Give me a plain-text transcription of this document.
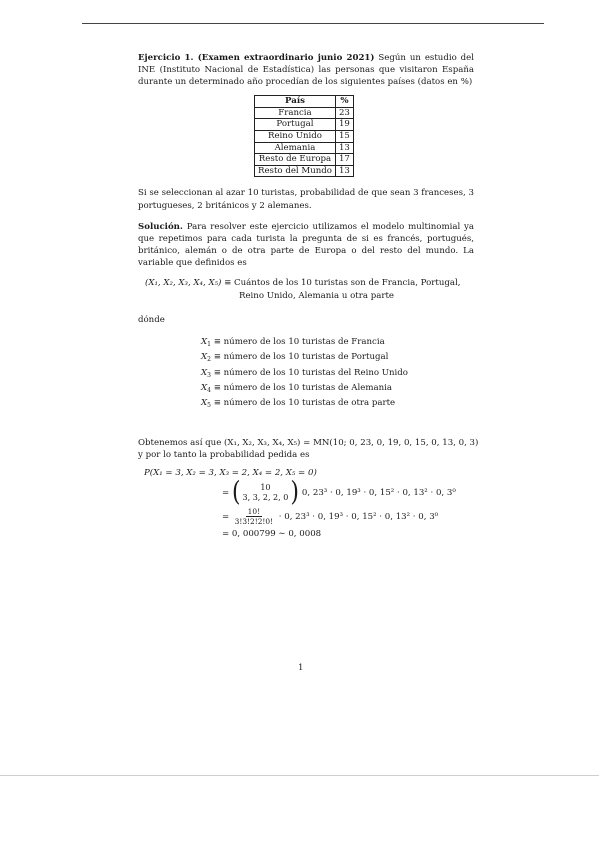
Ejercicio 1. (Examen extraordinario junio 2021) Según un estudio del INE (Instituto Nacional de Estadística) las personas que visitaron España durante un determinado año procedían de los siguientes países (datos en %)

País	%
Francia	23
Portugal	19
Reino Unido	15
Alemania	13
Resto de Europa	17
Resto del Mundo	13

Si se seleccionan al azar 10 turistas, probabilidad de que sean 3 franceses, 3 portugueses, 2 británicos y 2 alemanes.

Solución. Para resolver este ejercicio utilizamos el modelo multinomial ya que repetimos para cada turista la pregunta de si es francés, portugués, británico, alemán o de otra parte de Europa o del resto del mundo. La variable que definidos es

(X₁, X₂, X₃, X₄, X₅) ≡ Cuántos de los 10 turistas son de Francia, Portugal,
Reino Unido, Alemania u otra parte

dónde

$X_1$ ≡ número de los 10 turistas de Francia
$X_2$ ≡ número de los 10 turistas de Portugal
$X_3$ ≡ número de los 10 turistas del Reino Unido
$X_4$ ≡ número de los 10 turistas de Alemania
$X_5$ ≡ número de los 10 turistas de otra parte

Obtenemos así que (X₁, X₂, X₃, X₄, X₅) = MN(10; 0, 23, 0, 19, 0, 15, 0, 13, 0, 3)

y por lo tanto la probabilidad pedida es

P(X₁ = 3, X₂ = 3, X₃ = 2, X₄ = 2, X₅ = 0)
= ( 10
3, 3, 2, 2, 0 ) 0, 23³ · 0, 19³ · 0, 15² · 0, 13² · 0, 3⁰
= $\frac{10!}{3!3!2!2!0!} \cdot 0$, 23³ · 0, 19³ · 0, 15² · 0, 13² · 0, 3⁰
= 0, 000799 ∼ 0, 0008
1
